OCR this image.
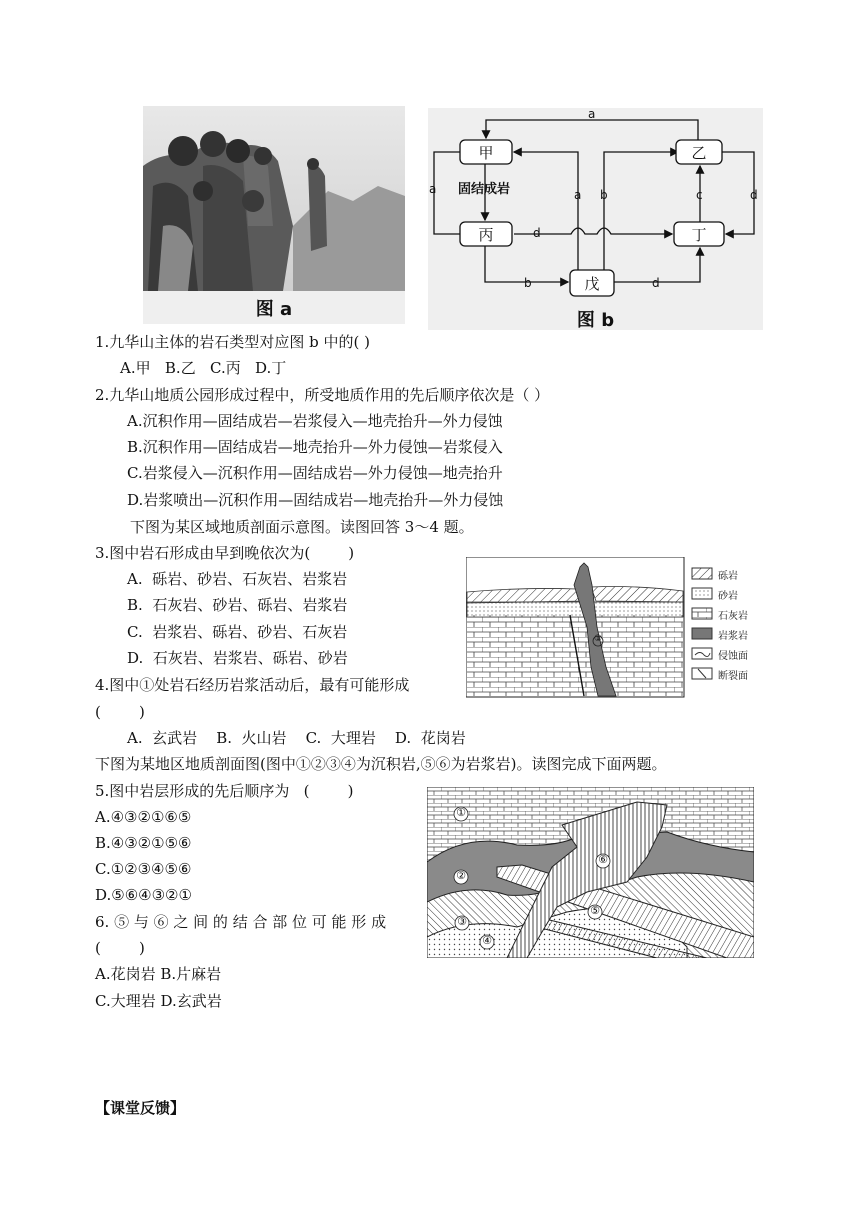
图 a
甲	乙
丙	丁
戊
固结成岩
a
a	a b	c	d
d
b	d
图 b
1.九华山主体的岩石类型对应图 b 中的( )
A.甲   B.乙   C.丙   D.丁
2.九华山地质公园形成过程中，所受地质作用的先后顺序依次是（ ）
A.沉积作用—固结成岩—岩浆侵入—地壳抬升—外力侵蚀
B.沉积作用—固结成岩—地壳抬升—外力侵蚀—岩浆侵入
C.岩浆侵入—沉积作用—固结成岩—外力侵蚀—地壳抬升
D.岩浆喷出—沉积作用—固结成岩—地壳抬升—外力侵蚀
下图为某区域地质剖面示意图。读图回答 3～4 题。
3.图中岩石形成由早到晚依次为(        )
A.  砾岩、砂岩、石灰岩、岩浆岩
B.  石灰岩、砂岩、砾岩、岩浆岩
C.  岩浆岩、砾岩、砂岩、石灰岩
D.  石灰岩、岩浆岩、砾岩、砂岩
4.图中①处岩石经历岩浆活动后，最有可能形成
(        )
A.  玄武岩    B.  火山岩    C.  大理岩    D.  花岗岩
①
砾岩
砂岩
石灰岩
岩浆岩
侵蚀面
断裂面
下图为某地区地质剖面图(图中①②③④为沉积岩,⑤⑥为岩浆岩)。读图完成下面两题。
5.图中岩层形成的先后顺序为   (        )
A.④③②①⑥⑤
B.④③②①⑤⑥
C.①②③④⑤⑥
D.⑤⑥④③②①
6. ⑤ 与 ⑥ 之 间 的 结 合 部 位 可 能 形 成
(        )
A.花岗岩 B.片麻岩
C.大理岩 D.玄武岩
①
②
③
④
⑤
⑥
【课堂反馈】
